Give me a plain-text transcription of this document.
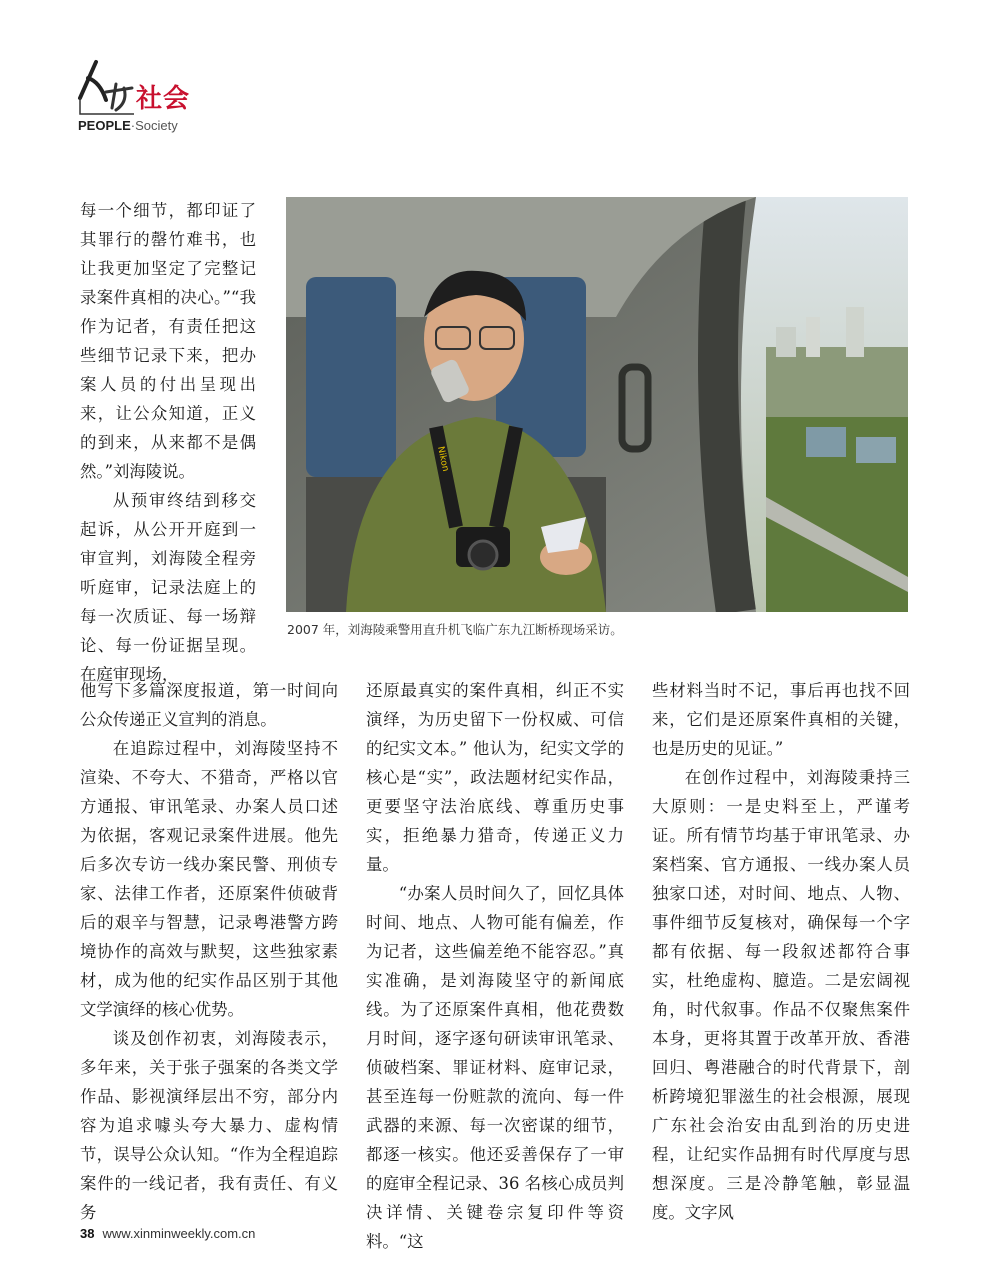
社会
PEOPLE·Society

每一个细节，都印证了其罪行的罄竹难书，也让我更加坚定了完整记录案件真相的决心。”“我作为记者，有责任把这些细节记录下来，把办案人员的付出呈现出来，让公众知道，正义的到来，从来都不是偶然。”刘海陵说。

从预审终结到移交起诉，从公开开庭到一审宣判，刘海陵全程旁听庭审，记录法庭上的每一次质证、每一场辩论、每一份证据呈现。在庭审现场，

Nikon
2007 年，刘海陵乘警用直升机飞临广东九江断桥现场采访。

他写下多篇深度报道，第一时间向公众传递正义宣判的消息。

在追踪过程中，刘海陵坚持不渲染、不夸大、不猎奇，严格以官方通报、审讯笔录、办案人员口述为依据，客观记录案件进展。他先后多次专访一线办案民警、刑侦专家、法律工作者，还原案件侦破背后的艰辛与智慧，记录粤港警方跨境协作的高效与默契，这些独家素材，成为他的纪实作品区别于其他文学演绎的核心优势。

谈及创作初衷，刘海陵表示，多年来，关于张子强案的各类文学作品、影视演绎层出不穷，部分内容为追求噱头夸大暴力、虚构情节，误导公众认知。“作为全程追踪案件的一线记者，我有责任、有义务

还原最真实的案件真相，纠正不实演绎，为历史留下一份权威、可信的纪实文本。” 他认为，纪实文学的核心是“实”，政法题材纪实作品，更要坚守法治底线、尊重历史事实，拒绝暴力猎奇，传递正义力量。

“办案人员时间久了，回忆具体时间、地点、人物可能有偏差，作为记者，这些偏差绝不能容忍。”真实准确，是刘海陵坚守的新闻底线。为了还原案件真相，他花费数月时间，逐字逐句研读审讯笔录、侦破档案、罪证材料、庭审记录，甚至连每一份赃款的流向、每一件武器的来源、每一次密谋的细节，都逐一核实。他还妥善保存了一审的庭审全程记录、36 名核心成员判决详情、关键卷宗复印件等资料。“这

些材料当时不记，事后再也找不回来，它们是还原案件真相的关键，也是历史的见证。”

在创作过程中，刘海陵秉持三大原则：一是史料至上，严谨考证。所有情节均基于审讯笔录、办案档案、官方通报、一线办案人员独家口述，对时间、地点、人物、事件细节反复核对，确保每一个字都有依据、每一段叙述都符合事实，杜绝虚构、臆造。二是宏阔视角，时代叙事。作品不仅聚焦案件本身，更将其置于改革开放、香港回归、粤港融合的时代背景下，剖析跨境犯罪滋生的社会根源，展现广东社会治安由乱到治的历史进程，让纪实作品拥有时代厚度与思想深度。三是冷静笔触，彰显温度。文字风

38 www.xinminweekly.com.cn
